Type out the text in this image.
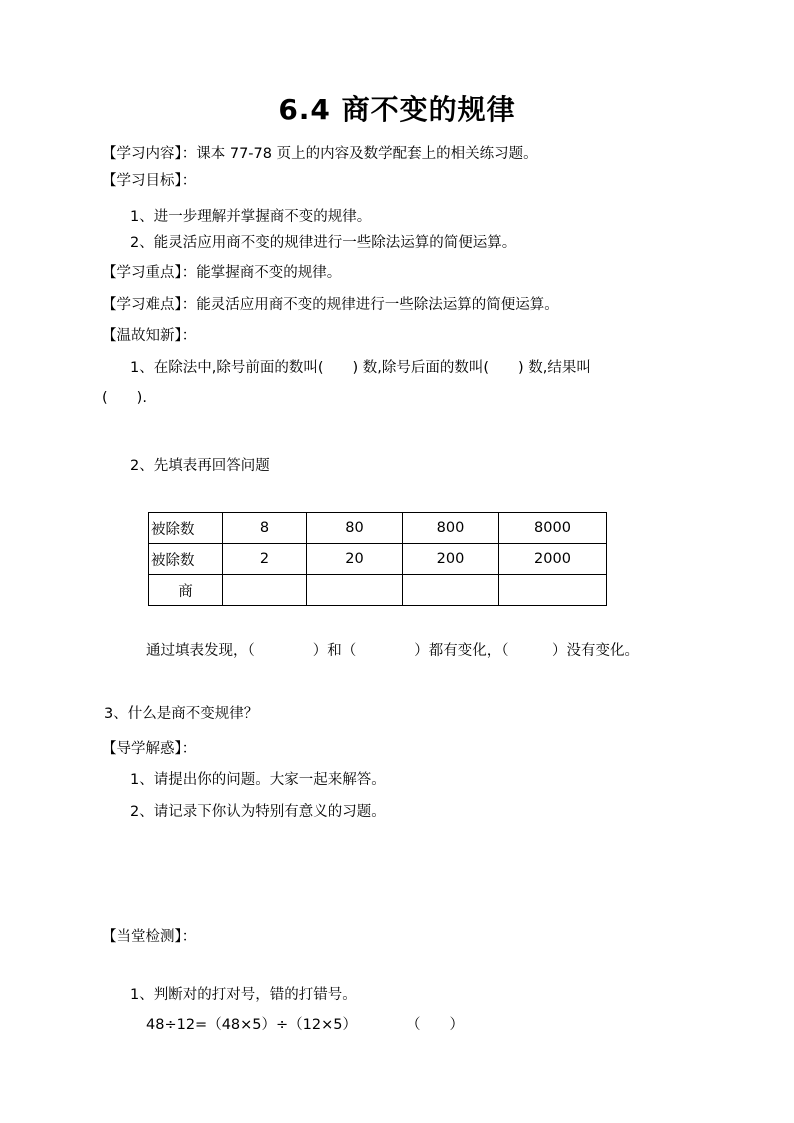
6.4 商不变的规律
【学习内容】：课本 77-78 页上的内容及数学配套上的相关练习题。
【学习目标】：
1、进一步理解并掌握商不变的规律。
2、能灵活应用商不变的规律进行一些除法运算的简便运算。
【学习重点】：能掌握商不变的规律。
【学习难点】：能灵活应用商不变的规律进行一些除法运算的简便运算。
【温故知新】：
1、在除法中,除号前面的数叫(　　) 数,除号后面的数叫(　　) 数,结果叫
(　　).
2、先填表再回答问题
被除数	8	80	800	8000
被除数	2	20	200	2000
商				
通过填表发现，（　　　　）和（　　　　）都有变化，（　　　）没有变化。
3、什么是商不变规律？
【导学解惑】：
1、请提出你的问题。大家一起来解答。
2、请记录下你认为特别有意义的习题。
【当堂检测】：
1、判断对的打对号，错的打错号。
48÷12=（48×5）÷（12×5）	（　　）
